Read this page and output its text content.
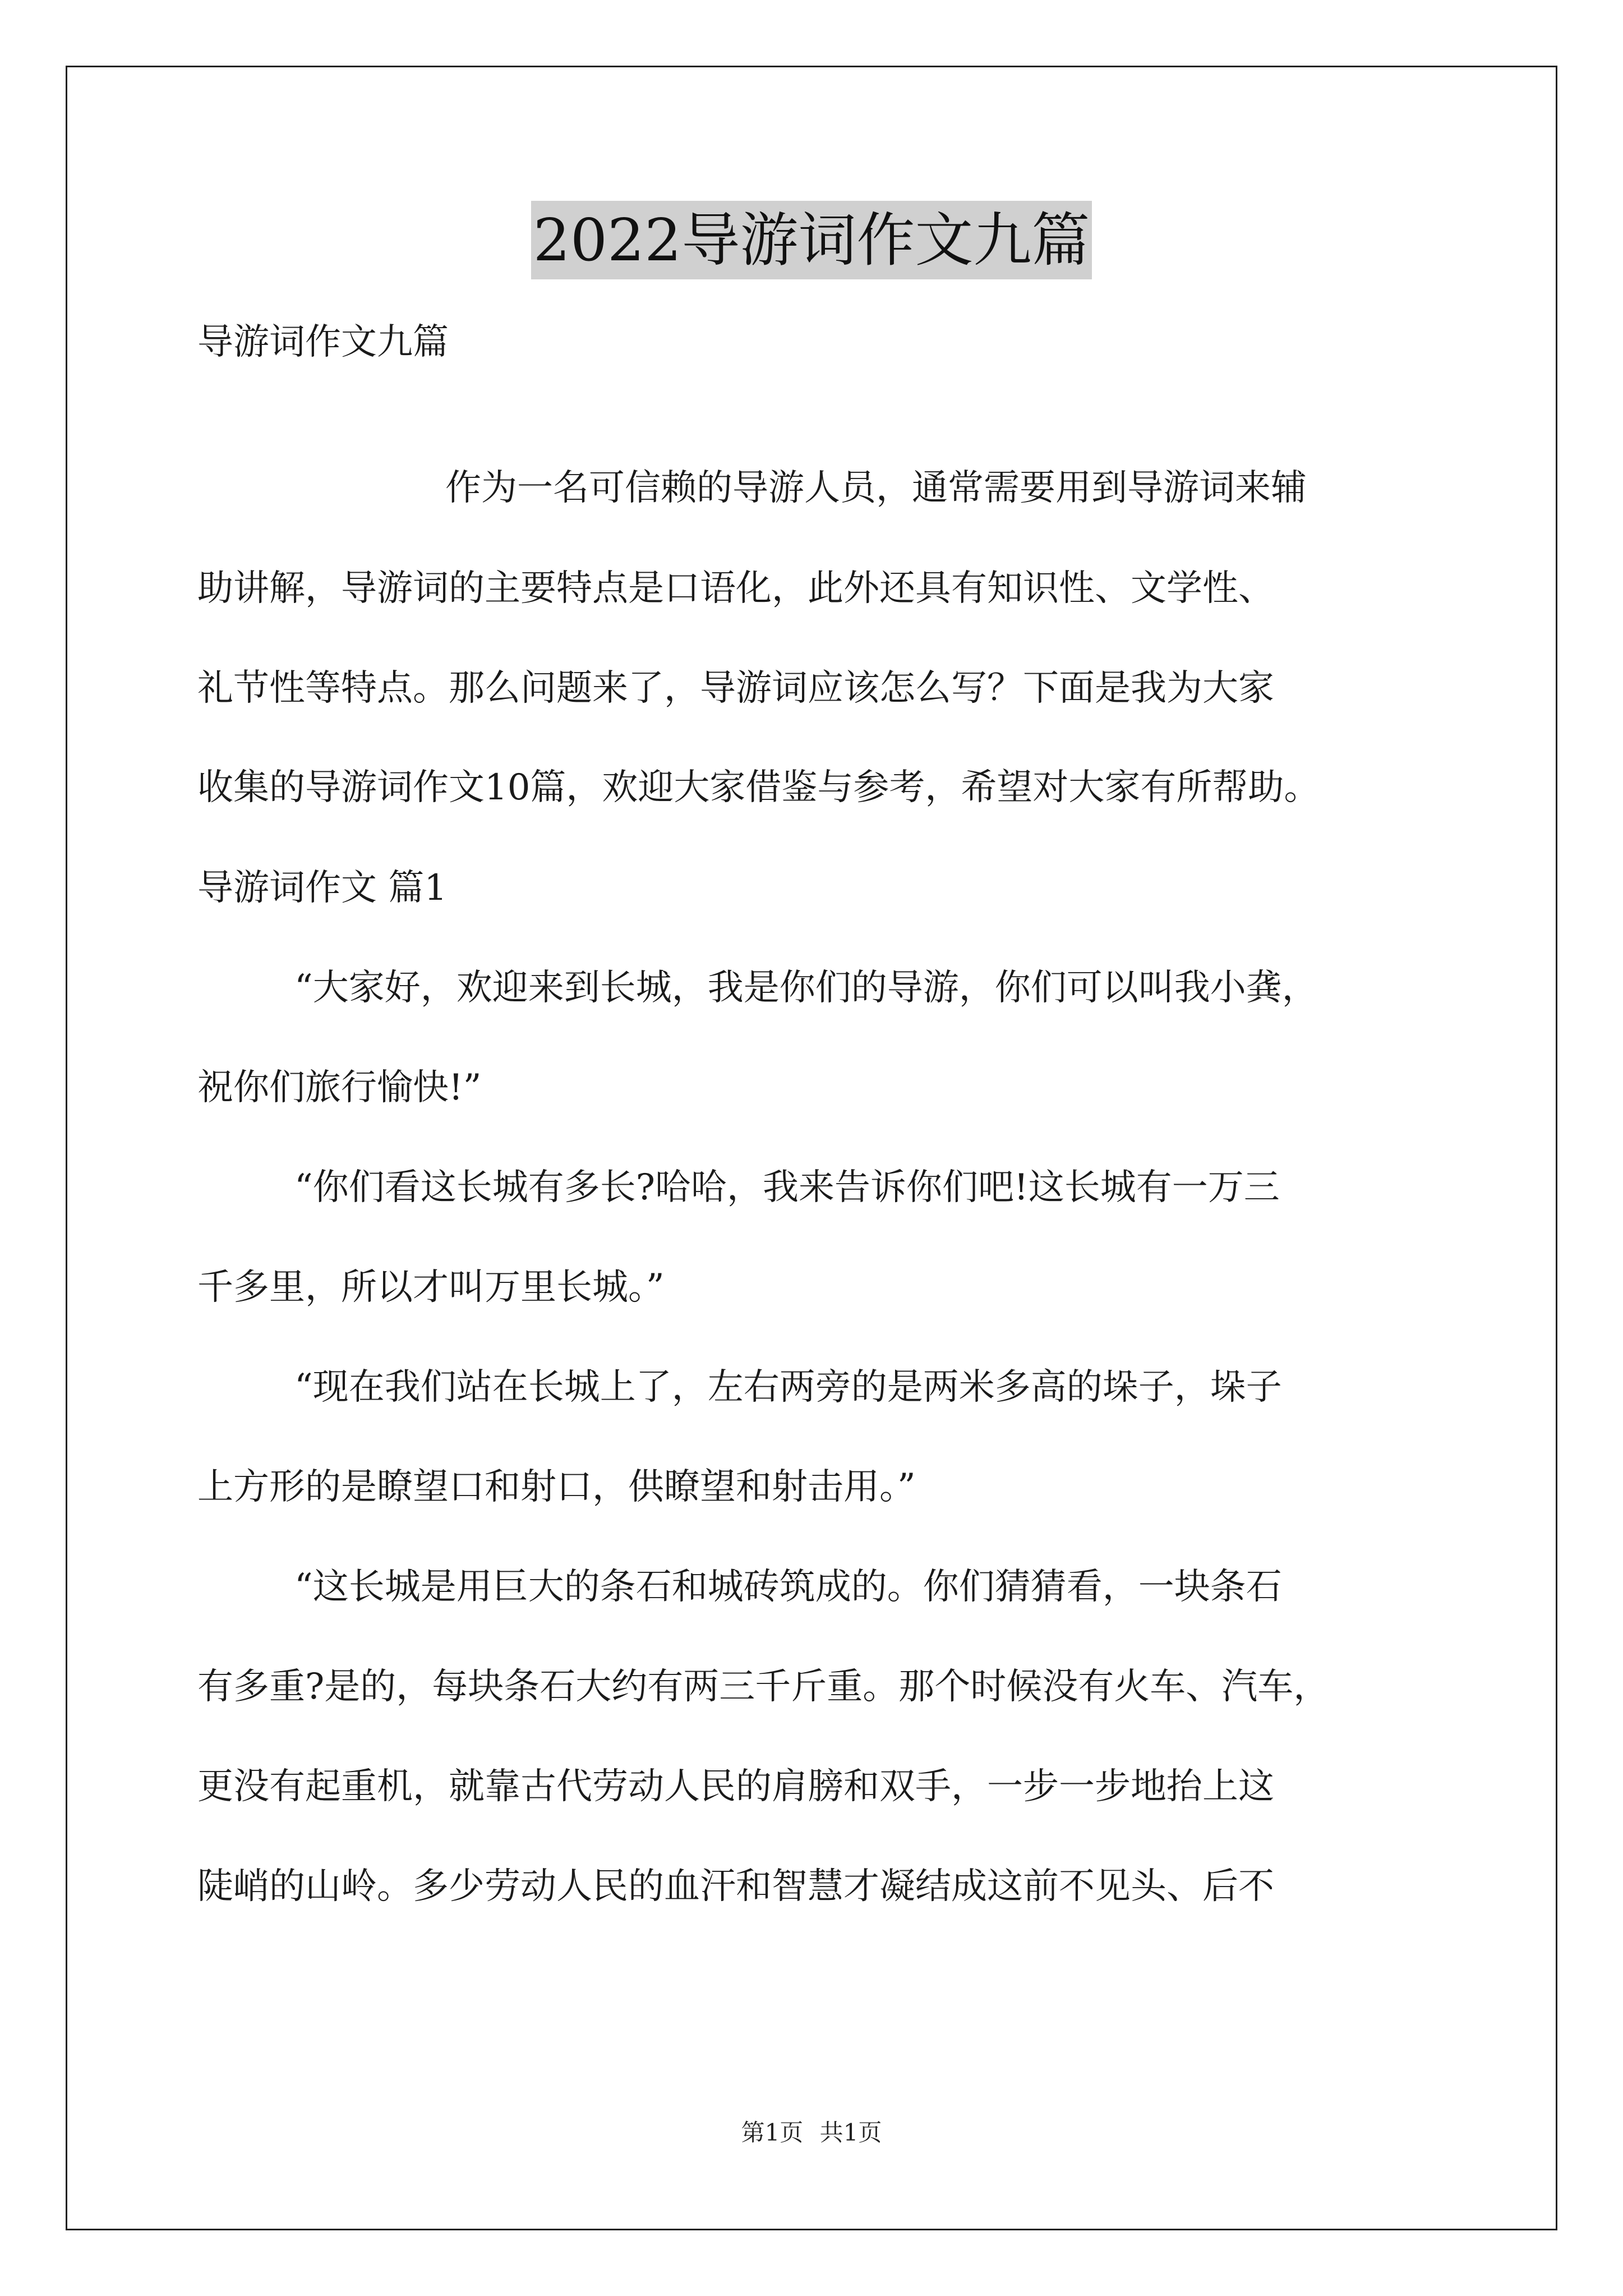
2022导游词作文九篇

导游词作文九篇

作为一名可信赖的导游人员，通常需要用到导游词来辅

助讲解，导游词的主要特点是口语化，此外还具有知识性、文学性、

礼节性等特点。那么问题来了，导游词应该怎么写？下面是我为大家

收集的导游词作文10篇，欢迎大家借鉴与参考，希望对大家有所帮助。

导游词作文 篇1

“大家好，欢迎来到长城，我是你们的导游，你们可以叫我小龚，

祝你们旅行愉快!”

“你们看这长城有多长?哈哈，我来告诉你们吧!这长城有一万三

千多里，所以才叫万里长城。”

“现在我们站在长城上了，左右两旁的是两米多高的垛子，垛子

上方形的是瞭望口和射口，供瞭望和射击用。”

“这长城是用巨大的条石和城砖筑成的。你们猜猜看，一块条石

有多重?是的，每块条石大约有两三千斤重。那个时候没有火车、汽车，

更没有起重机，就靠古代劳动人民的肩膀和双手，一步一步地抬上这

陡峭的山岭。多少劳动人民的血汗和智慧才凝结成这前不见头、后不

第1页 共1页
